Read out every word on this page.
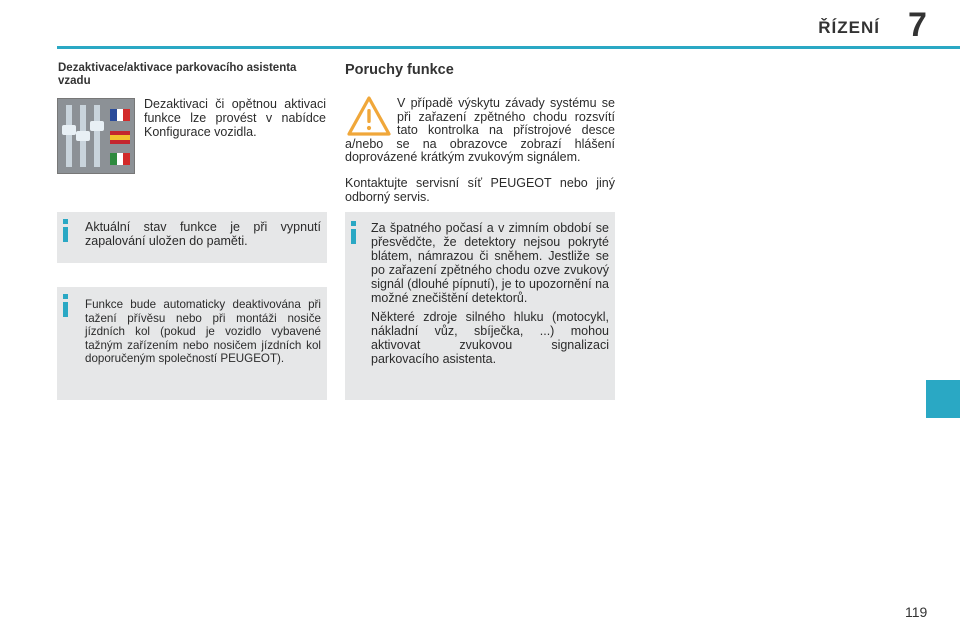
ŘÍZENÍ 7
Dezaktivace/aktivace parkovacího asistenta vzadu
Dezaktivaci či opětnou aktivaci funkce lze provést v nabídce Konfigurace vozidla.
Aktuální stav funkce je při vypnutí zapalování uložen do paměti.
Funkce bude automaticky deaktivována při tažení přívěsu nebo při montáži nosiče jízdních kol (pokud je vozidlo vybavené tažným zařízením nebo nosičem jízdních kol doporučeným společností PEUGEOT).
Poruchy funkce
V případě výskytu závady systému se při zařazení zpětného chodu rozsvítí tato kontrolka na přístrojové desce a/nebo se na obrazovce zobrazí hlášení doprovázené krátkým zvukovým signálem.
Kontaktujte servisní síť PEUGEOT nebo jiný odborný servis.

Za špatného počasí a v zimním období se přesvědčte, že detektory nejsou pokryté blátem, námrazou či sněhem. Jestliže se po zařazení zpětného chodu ozve zvukový signál (dlouhé pípnutí), je to upozornění na možné znečištění detektorů.

Některé zdroje silného hluku (motocykl, nákladní vůz, sbíječka, ...) mohou aktivovat zvukovou signalizaci parkovacího asistenta.

119
